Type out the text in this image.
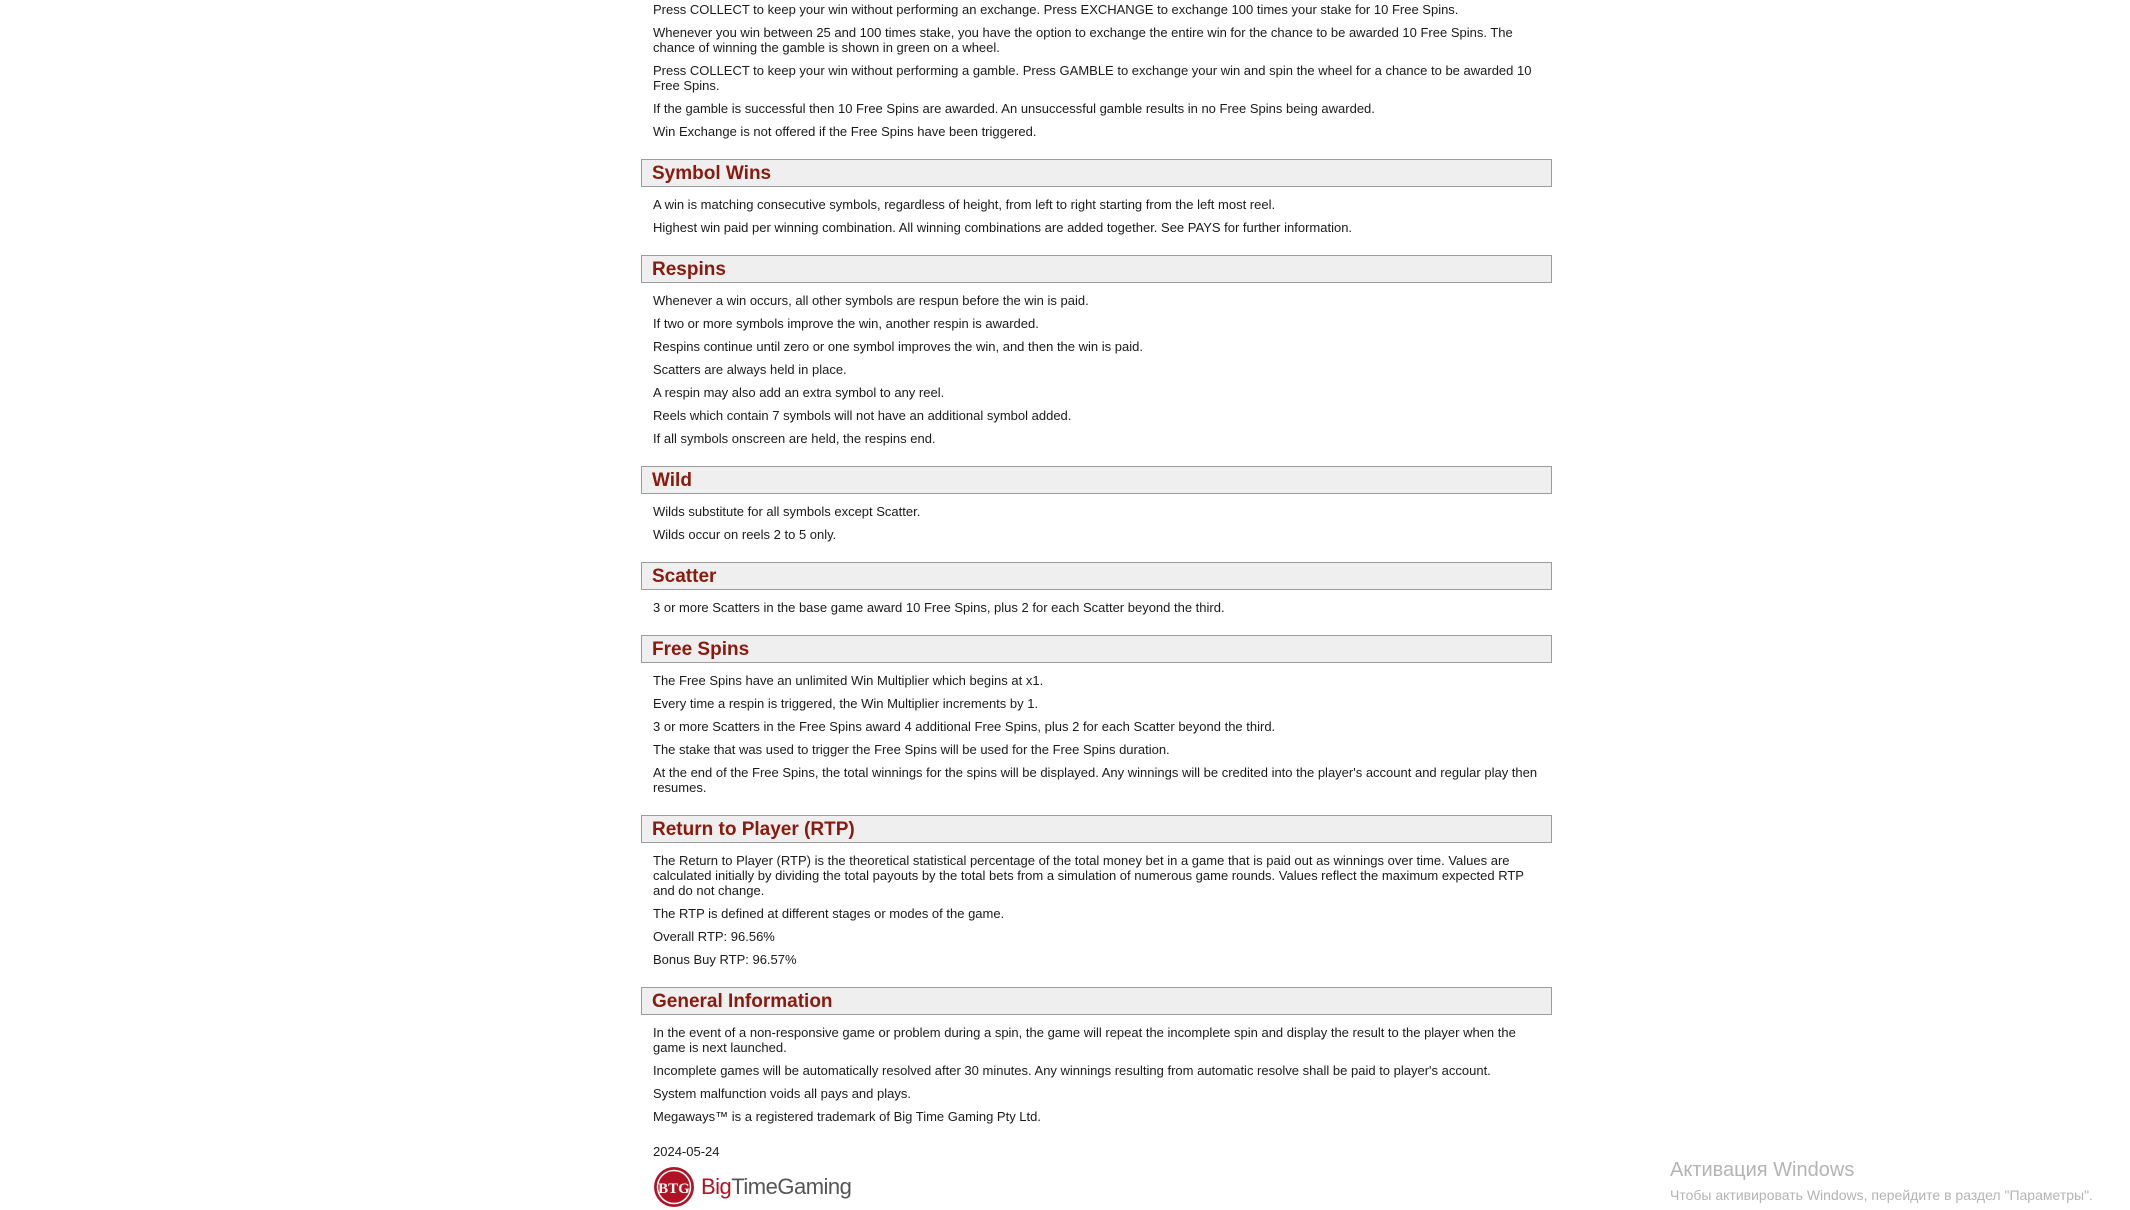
Press COLLECT to keep your win without performing an exchange. Press EXCHANGE to exchange 100 times your stake for 10 Free Spins.

Whenever you win between 25 and 100 times stake, you have the option to exchange the entire win for the chance to be awarded 10 Free Spins. The chance of winning the gamble is shown in green on a wheel.

Press COLLECT to keep your win without performing a gamble. Press GAMBLE to exchange your win and spin the wheel for a chance to be awarded 10 Free Spins.

If the gamble is successful then 10 Free Spins are awarded. An unsuccessful gamble results in no Free Spins being awarded.

Win Exchange is not offered if the Free Spins have been triggered.

Symbol Wins

A win is matching consecutive symbols, regardless of height, from left to right starting from the left most reel.

Highest win paid per winning combination. All winning combinations are added together. See PAYS for further information.

Respins

Whenever a win occurs, all other symbols are respun before the win is paid.

If two or more symbols improve the win, another respin is awarded.

Respins continue until zero or one symbol improves the win, and then the win is paid.

Scatters are always held in place.

A respin may also add an extra symbol to any reel.

Reels which contain 7 symbols will not have an additional symbol added.

If all symbols onscreen are held, the respins end.

Wild

Wilds substitute for all symbols except Scatter.

Wilds occur on reels 2 to 5 only.

Scatter

3 or more Scatters in the base game award 10 Free Spins, plus 2 for each Scatter beyond the third.

Free Spins

The Free Spins have an unlimited Win Multiplier which begins at x1.

Every time a respin is triggered, the Win Multiplier increments by 1.

3 or more Scatters in the Free Spins award 4 additional Free Spins, plus 2 for each Scatter beyond the third.

The stake that was used to trigger the Free Spins will be used for the Free Spins duration.

At the end of the Free Spins, the total winnings for the spins will be displayed. Any winnings will be credited into the player's account and regular play then resumes.

Return to Player (RTP)

The Return to Player (RTP) is the theoretical statistical percentage of the total money bet in a game that is paid out as winnings over time. Values are calculated initially by dividing the total payouts by the total bets from a simulation of numerous game rounds. Values reflect the maximum expected RTP and do not change.

The RTP is defined at different stages or modes of the game.

Overall RTP: 96.56%

Bonus Buy RTP: 96.57%

General Information

In the event of a non-responsive game or problem during a spin, the game will repeat the incomplete spin and display the result to the player when the game is next launched.

Incomplete games will be automatically resolved after 30 minutes. Any winnings resulting from automatic resolve shall be paid to player's account.

System malfunction voids all pays and plays.

Megaways™ is a registered trademark of Big Time Gaming Pty Ltd.

2024-05-24
BTG BigTimeGaming
Активация Windows
Чтобы активировать Windows, перейдите в раздел "Параметры".
